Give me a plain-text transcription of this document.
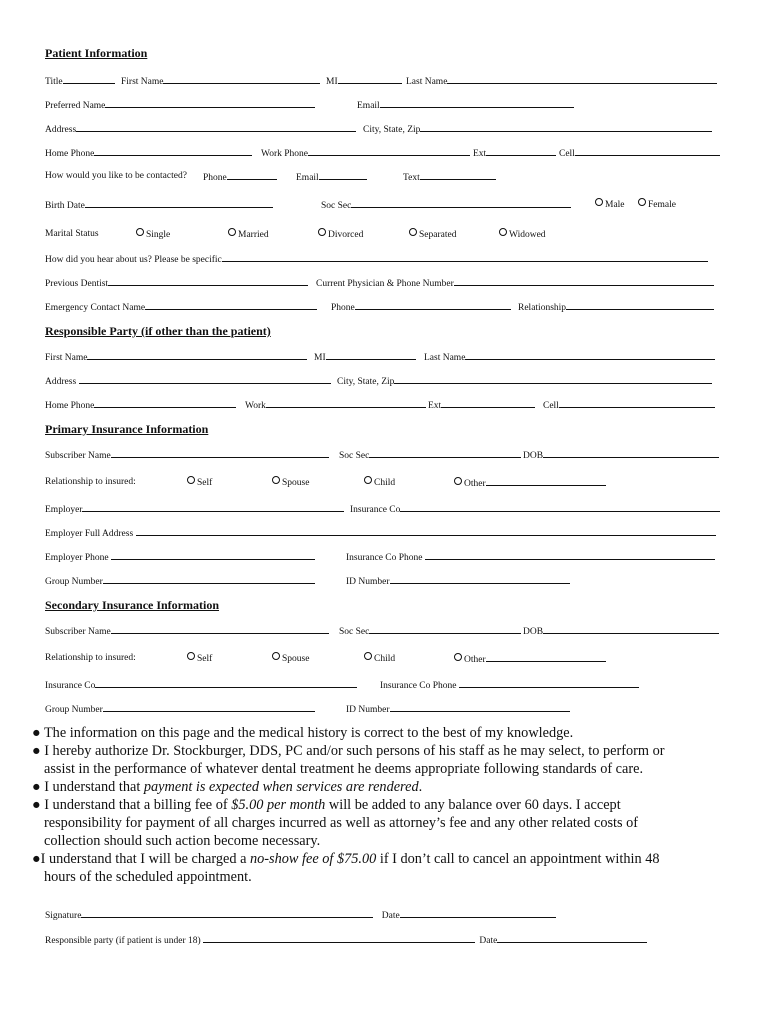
Patient Information
Title	First Name	MI	Last Name
Preferred Name	Email
Address	City, State, Zip
Home Phone	Work Phone	Ext	Cell
How would you like to be contacted? Phone	Email	Text
Birth Date	Soc Sec	Male	Female
Marital Status	Single	Married	Divorced	Separated	Widowed
How did you hear about us? Please be specific
Previous Dentist	Current Physician & Phone Number
Emergency Contact Name	Phone	Relationship
Responsible Party (if other than the patient)
First Name	MI	Last Name
Address	City, State, Zip
Home Phone	Work	Ext	Cell
Primary Insurance Information
Subscriber Name	Soc Sec	DOB
Relationship to insured:	Self	Spouse	Child	Other
Employer	Insurance Co
Employer Full Address
Employer Phone	Insurance Co Phone
Group Number	ID Number
Secondary Insurance Information
Subscriber Name	Soc Sec	DOB
Relationship to insured:	Self	Spouse	Child	Other
Insurance Co	Insurance Co Phone
Group Number	ID Number

● The information on this page and the medical history is correct to the best of my knowledge.

● I hereby authorize Dr. Stockburger, DDS, PC and/or such persons of his staff as he may select, to perform or

assist in the performance of whatever dental treatment he deems appropriate following standards of care.

● I understand that payment is expected when services are rendered.

● I understand that a billing fee of $5.00 per month will be added to any balance over 60 days. I accept

responsibility for payment of all charges incurred as well as attorney’s fee and any other related costs of

collection should such action become necessary.

●I understand that I will be charged a no-show fee of $75.00 if I don’t call to cancel an appointment within 48

hours of the scheduled appointment.

Signature	Date
Responsible party (if patient is under 18)	Date
